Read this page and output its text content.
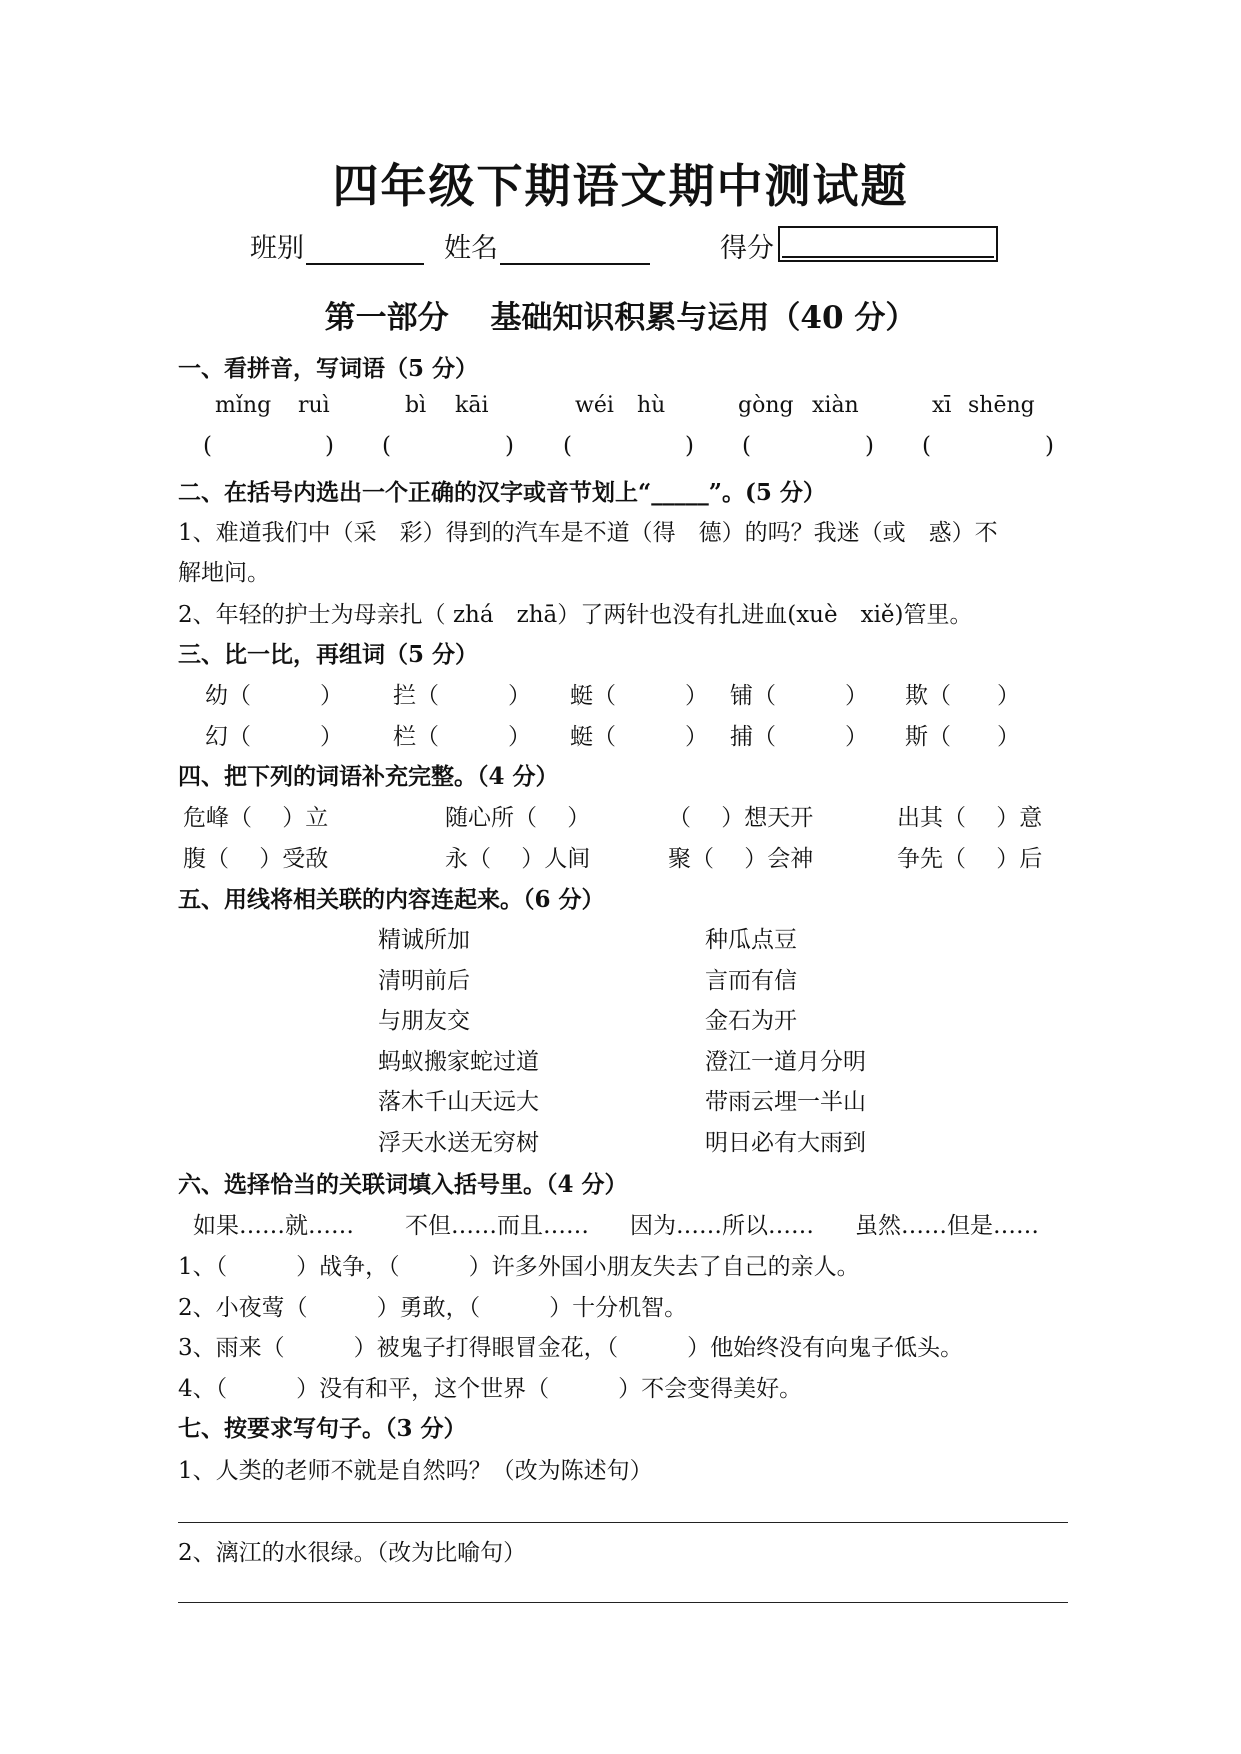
四年级下期语文期中测试题
班别	姓名	得分
第一部分　 基础知识积累与运用（40 分）
一、看拼音，写词语（5 分）
mǐng ruì	bì kāi	wéi hù	gòng xiàn	xī shēng
(	) (	) (	) (	) (	)
二、在括号内选出一个正确的汉字或音节划上“_____”。(5 分）
1、难道我们中（采　彩）得到的汽车是不道（得　德）的吗？我迷（或　惑）不
解地问。
2、年轻的护士为母亲扎（ zhá　zhā）了两针也没有扎进血(xuè　xiě)管里。
三、比一比，再组词（5 分）
幼（　　　） 拦（　　　） 蜓（　　　） 铺（　　　） 欺（　　）
幻（　　　） 栏（　　　） 蜓（　　　） 捕（　　　） 斯（　　）
四、把下列的词语补充完整。（4 分）
危峰（　 ）立	随心所（　 ）	（　 ）想天开	出其（　 ）意
腹（　 ）受敌	永（　 ）人间	聚（　 ）会神	争先（　 ）后
五、用线将相关联的内容连起来。（6 分）
精诚所加
清明前后
与朋友交
蚂蚁搬家蛇过道
落木千山天远大
浮天水送无穷树
种瓜点豆
言而有信
金石为开
澄江一道月分明
带雨云埋一半山
明日必有大雨到
六、选择恰当的关联词填入括号里。（4 分）
如果……就…… 不但……而且…… 因为……所以…… 虽然……但是……
1、（　　　）战争，（　　　）许多外国小朋友失去了自己的亲人。
2、小夜莺（　　　）勇敢，（　　　）十分机智。
3、雨来（　　　）被鬼子打得眼冒金花，（　　　）他始终没有向鬼子低头。
4、（　　　）没有和平，这个世界（　　　）不会变得美好。
七、按要求写句子。（3 分）
1、人类的老师不就是自然吗？（改为陈述句）
2、漓江的水很绿。（改为比喻句）
